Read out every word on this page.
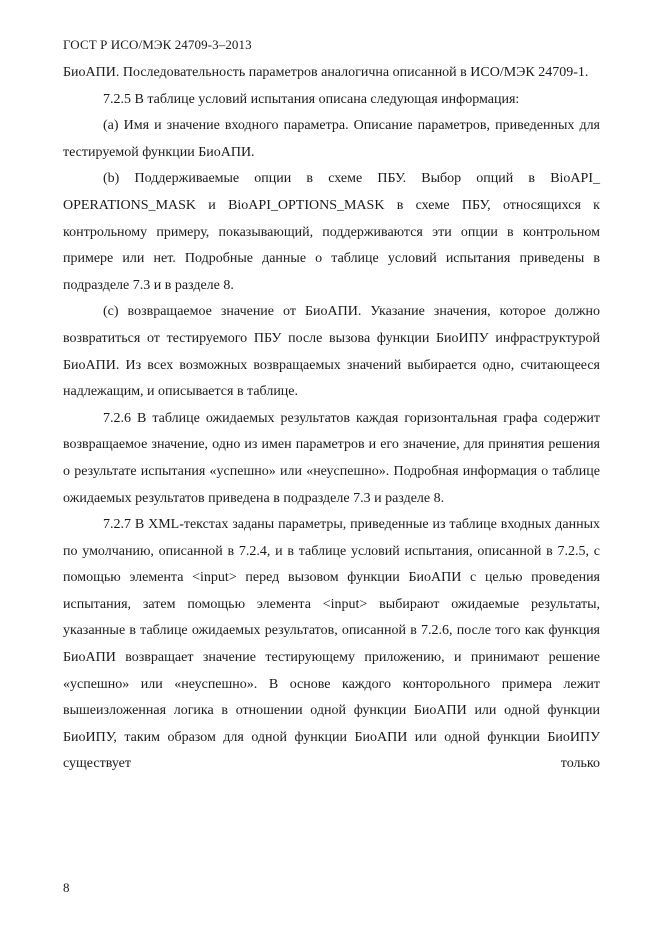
ГОСТ Р ИСО/МЭК 24709-3–2013

БиоАПИ. Последовательность параметров аналогична описанной в ИСО/МЭК 24709-1.

7.2.5 В таблице условий испытания описана следующая информация:

(а) Имя и значение входного параметра. Описание параметров, приведенных для тестируемой функции БиоАПИ.

(b) Поддерживаемые опции в схеме ПБУ. Выбор опций в BioAPI_ OPERATIONS_MASK и BioAPI_OPTIONS_MASK в схеме ПБУ, относящихся к контрольному примеру, показывающий, поддерживаются эти опции в контрольном примере или нет. Подробные данные о таблице условий испытания приведены в подразделе 7.3 и в разделе 8.

(с) возвращаемое значение от БиоАПИ. Указание значения, которое должно возвратиться от тестируемого ПБУ после вызова функции БиоИПУ инфраструктурой БиоАПИ. Из всех возможных возвращаемых значений выбирается одно, считающееся надлежащим, и описывается в таблице.

7.2.6 В таблице ожидаемых результатов каждая горизонтальная графа содержит возвращаемое значение, одно из имен параметров и его значение, для принятия решения о результате испытания «успешно» или «неуспешно». Подробная информация о таблице ожидаемых результатов приведена в подразделе 7.3 и разделе 8.

7.2.7 В XML-текстах заданы параметры, приведенные из таблице входных данных по умолчанию, описанной в 7.2.4, и в таблице условий испытания, описанной в 7.2.5, с помощью элемента <input> перед вызовом функции БиоАПИ с целью проведения испытания, затем помощью элемента <input> выбирают ожидаемые результаты, указанные в таблице ожидаемых результатов, описанной в 7.2.6, после того как функция БиоАПИ возвращает значение тестирующему приложению, и принимают решение «успешно» или «неуспешно». В основе каждого конторольного примера лежит вышеизложенная логика в отношении одной функции БиоАПИ или одной функции БиоИПУ, таким образом для одной функции БиоАПИ или одной функции БиоИПУ существует только

8
